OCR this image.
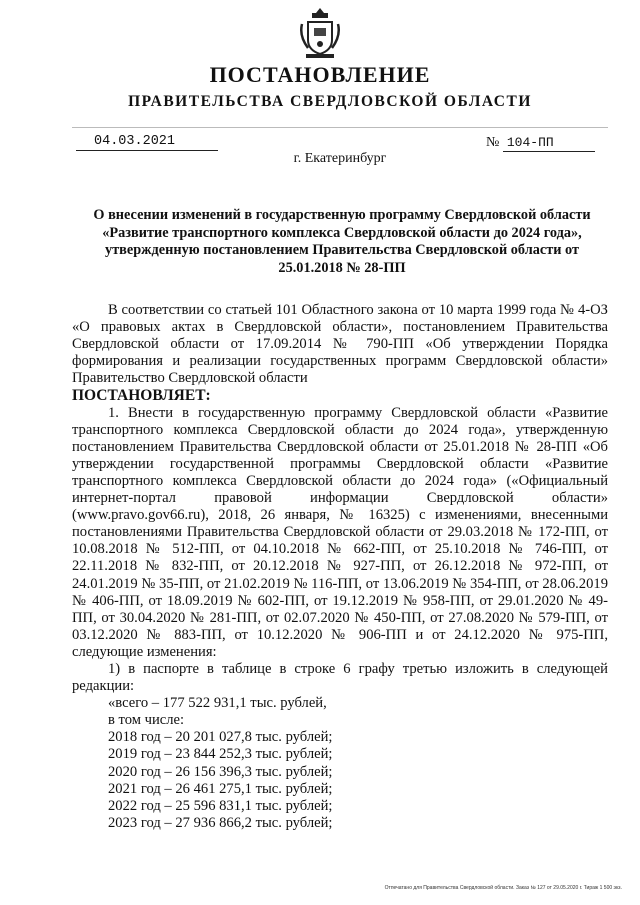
ПОСТАНОВЛЕНИЕ
ПРАВИТЕЛЬСТВА СВЕРДЛОВСКОЙ ОБЛАСТИ
04.03.2021	№ 104-ПП
г. Екатеринбург
О внесении изменений в государственную программу Свердловской области «Развитие транспортного комплекса Свердловской области до 2024 года», утвержденную постановлением Правительства Свердловской области от 25.01.2018 № 28-ПП

В соответствии со статьей 101 Областного закона от 10 марта 1999 года № 4-ОЗ «О правовых актах в Свердловской области», постановлением Правительства Свердловской области от 17.09.2014 № 790-ПП «Об утверждении Порядка формирования и реализации государственных программ Свердловской области» Правительство Свердловской области

ПОСТАНОВЛЯЕТ:

1. Внести в государственную программу Свердловской области «Развитие транспортного комплекса Свердловской области до 2024 года», утвержденную постановлением Правительства Свердловской области от 25.01.2018 № 28-ПП «Об утверждении государственной программы Свердловской области «Развитие транспортного комплекса Свердловской области до 2024 года» («Официальный интернет-портал правовой информации Свердловской области» (www.pravo.gov66.ru), 2018, 26 января, № 16325) с изменениями, внесенными постановлениями Правительства Свердловской области от 29.03.2018 № 172-ПП, от 10.08.2018 № 512-ПП, от 04.10.2018 № 662-ПП, от 25.10.2018 № 746-ПП, от 22.11.2018 № 832-ПП, от 20.12.2018 № 927-ПП, от 26.12.2018 № 972-ПП, от 24.01.2019 № 35-ПП, от 21.02.2019 № 116-ПП, от 13.06.2019 № 354-ПП, от 28.06.2019 № 406-ПП, от 18.09.2019 № 602-ПП, от 19.12.2019 № 958-ПП, от 29.01.2020 № 49-ПП, от 30.04.2020 № 281-ПП, от 02.07.2020 № 450-ПП, от 27.08.2020 № 579-ПП, от 03.12.2020 № 883-ПП, от 10.12.2020 № 906-ПП и от 24.12.2020 № 975-ПП, следующие изменения:

1) в паспорте в таблице в строке 6 графу третью изложить в следующей редакции:

«всего – 177 522 931,1 тыс. рублей,
в том числе:
2018 год – 20 201 027,8 тыс. рублей;
2019 год – 23 844 252,3 тыс. рублей;
2020 год – 26 156 396,3 тыс. рублей;
2021 год – 26 461 275,1 тыс. рублей;
2022 год – 25 596 831,1 тыс. рублей;
2023 год – 27 936 866,2 тыс. рублей;
Отпечатано для Правительства Свердловской области. Заказ № 127 от 29.05.2020 г. Тираж 1 500 экз.
